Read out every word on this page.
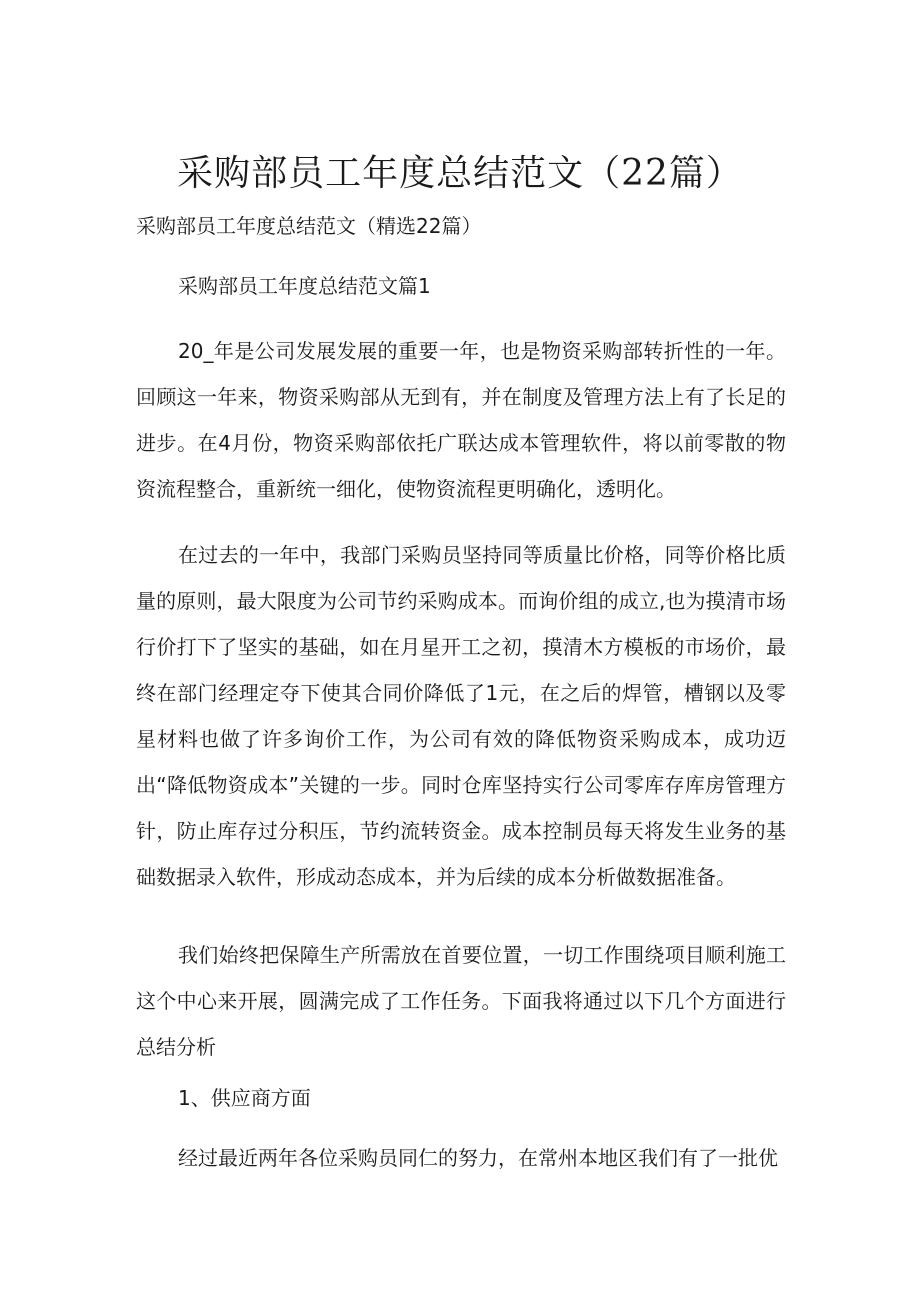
采购部员工年度总结范文（22篇）
采购部员工年度总结范文（精选22篇）
采购部员工年度总结范文篇1

20_年是公司发展发展的重要一年，也是物资采购部转折性的一年。回顾这一年来，物资采购部从无到有，并在制度及管理方法上有了长足的进步。在4月份，物资采购部依托广联达成本管理软件，将以前零散的物资流程整合，重新统一细化，使物资流程更明确化，透明化。

在过去的一年中，我部门采购员坚持同等质量比价格，同等价格比质量的原则，最大限度为公司节约采购成本。而询价组的成立,也为摸清市场行价打下了坚实的基础，如在月星开工之初，摸清木方模板的市场价，最终在部门经理定夺下使其合同价降低了1元，在之后的焊管，槽钢以及零星材料也做了许多询价工作，为公司有效的降低物资采购成本，成功迈出“降低物资成本”关键的一步。同时仓库坚持实行公司零库存库房管理方针，防止库存过分积压，节约流转资金。成本控制员每天将发生业务的基础数据录入软件，形成动态成本，并为后续的成本分析做数据准备。

我们始终把保障生产所需放在首要位置，一切工作围绕项目顺利施工这个中心来开展，圆满完成了工作任务。下面我将通过以下几个方面进行总结分析

1、供应商方面

经过最近两年各位采购员同仁的努力，在常州本地区我们有了一批优
